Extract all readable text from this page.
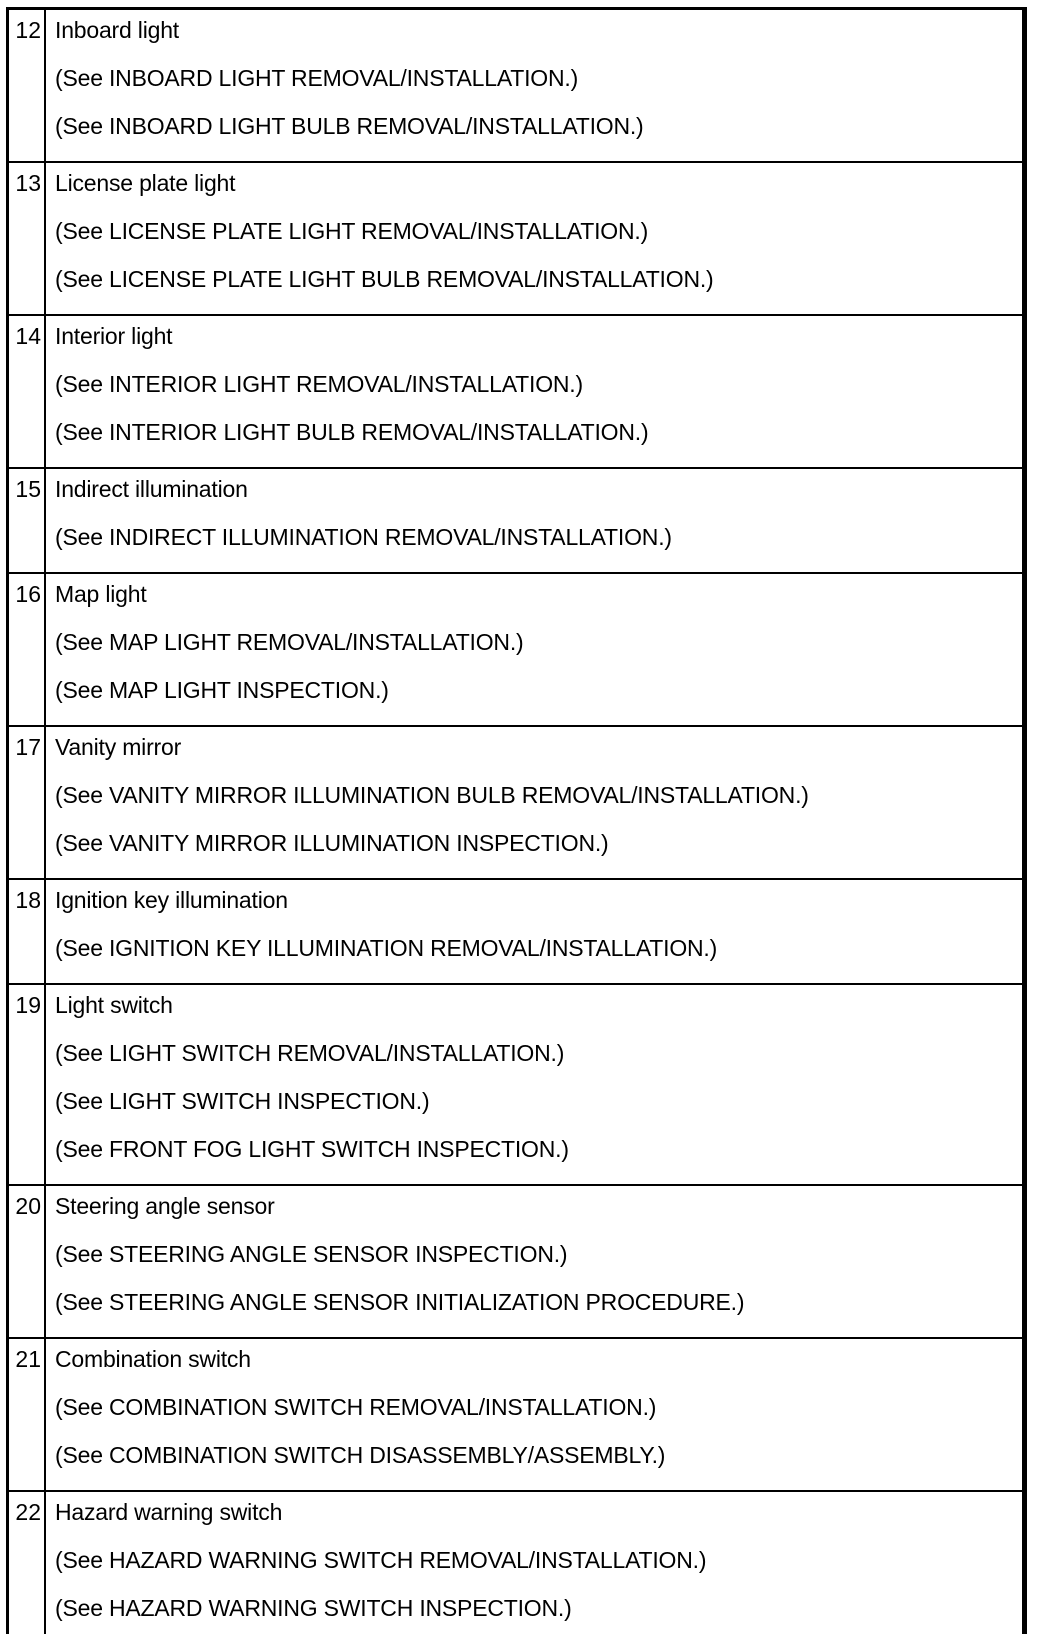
12 Inboard light
(See INBOARD LIGHT REMOVAL/INSTALLATION.)
(See INBOARD LIGHT BULB REMOVAL/INSTALLATION.)
13 License plate light
(See LICENSE PLATE LIGHT REMOVAL/INSTALLATION.)
(See LICENSE PLATE LIGHT BULB REMOVAL/INSTALLATION.)
14 Interior light
(See INTERIOR LIGHT REMOVAL/INSTALLATION.)
(See INTERIOR LIGHT BULB REMOVAL/INSTALLATION.)
15 Indirect illumination
(See INDIRECT ILLUMINATION REMOVAL/INSTALLATION.)
16 Map light
(See MAP LIGHT REMOVAL/INSTALLATION.)
(See MAP LIGHT INSPECTION.)
17 Vanity mirror
(See VANITY MIRROR ILLUMINATION BULB REMOVAL/INSTALLATION.)
(See VANITY MIRROR ILLUMINATION INSPECTION.)
18 Ignition key illumination
(See IGNITION KEY ILLUMINATION REMOVAL/INSTALLATION.)
19 Light switch
(See LIGHT SWITCH REMOVAL/INSTALLATION.)
(See LIGHT SWITCH INSPECTION.)
(See FRONT FOG LIGHT SWITCH INSPECTION.)
20 Steering angle sensor
(See STEERING ANGLE SENSOR INSPECTION.)
(See STEERING ANGLE SENSOR INITIALIZATION PROCEDURE.)
21 Combination switch
(See COMBINATION SWITCH REMOVAL/INSTALLATION.)
(See COMBINATION SWITCH DISASSEMBLY/ASSEMBLY.)
22 Hazard warning switch
(See HAZARD WARNING SWITCH REMOVAL/INSTALLATION.)
(See HAZARD WARNING SWITCH INSPECTION.)
